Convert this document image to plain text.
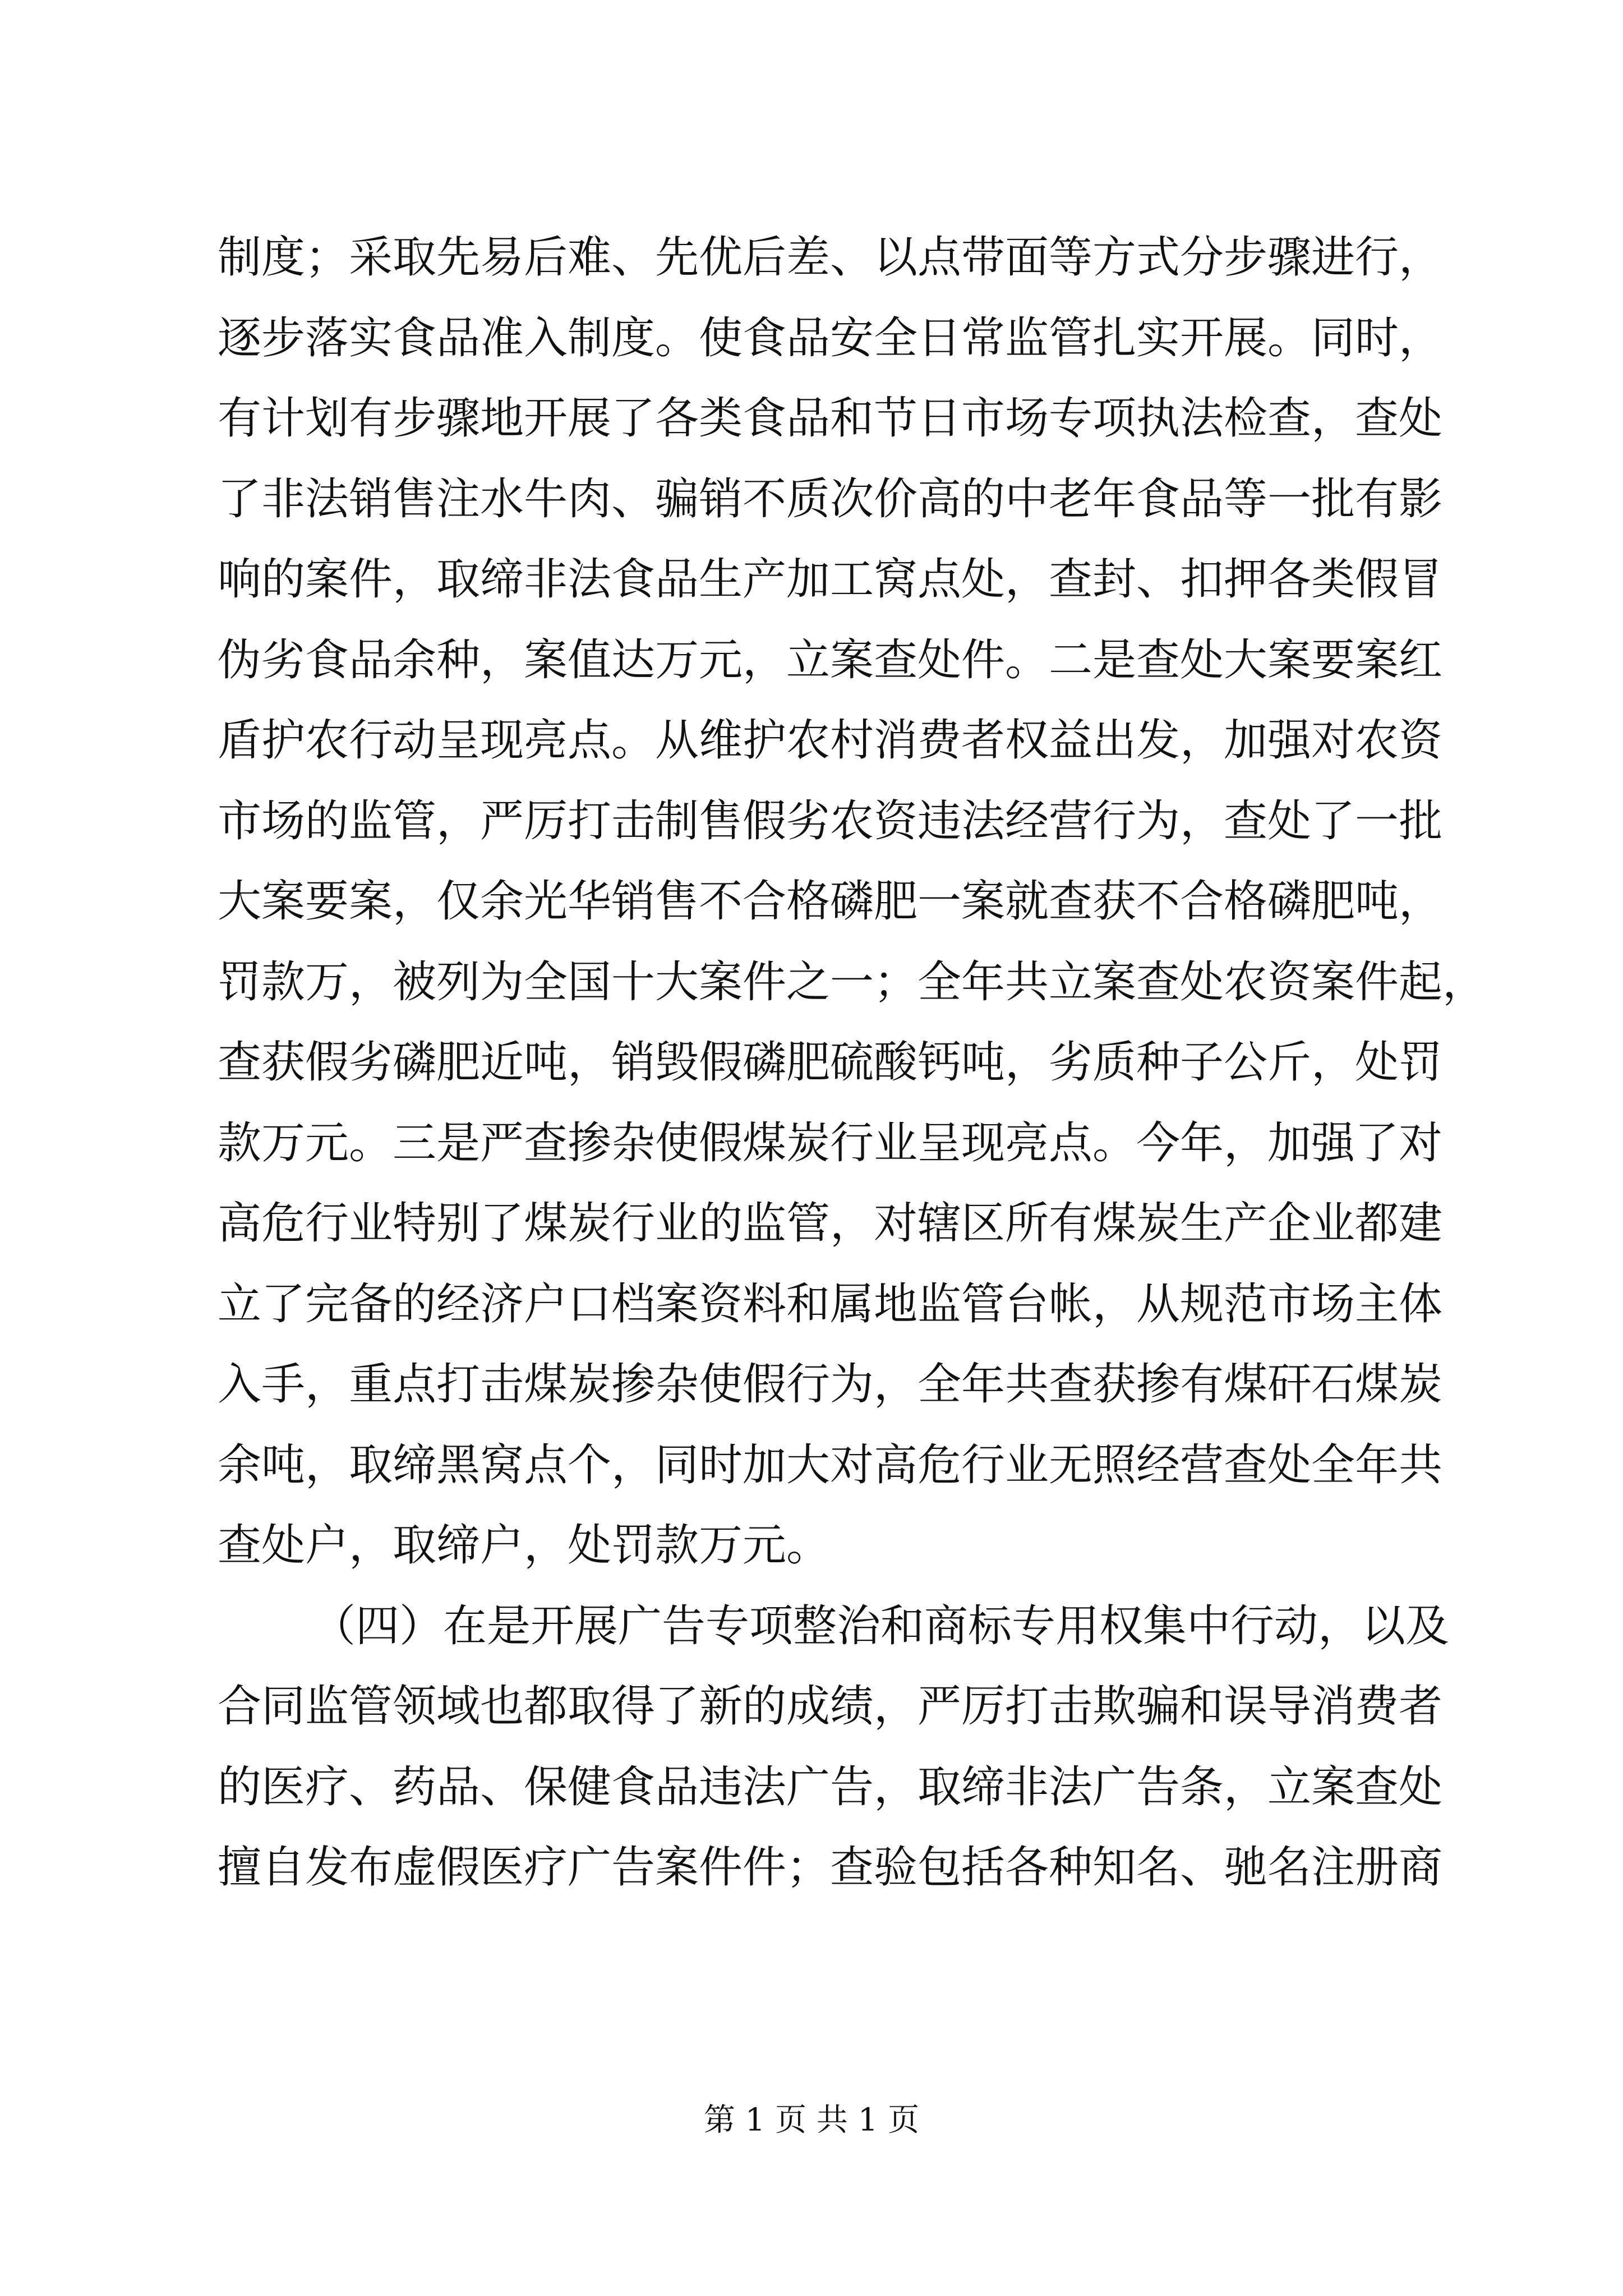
制度；采取先易后难、先优后差、以点带面等方式分步骤进行，
逐步落实食品准入制度。使食品安全日常监管扎实开展。同时，
有计划有步骤地开展了各类食品和节日市场专项执法检查，查处
了非法销售注水牛肉、骗销不质次价高的中老年食品等一批有影
响的案件，取缔非法食品生产加工窝点处，查封、扣押各类假冒
伪劣食品余种，案值达万元，立案查处件。二是查处大案要案红
盾护农行动呈现亮点。从维护农村消费者权益出发，加强对农资
市场的监管，严厉打击制售假劣农资违法经营行为，查处了一批
大案要案，仅余光华销售不合格磷肥一案就查获不合格磷肥吨，
罚款万，被列为全国十大案件之一；全年共立案查处农资案件起，
查获假劣磷肥近吨，销毁假磷肥硫酸钙吨，劣质种子公斤，处罚
款万元。三是严查掺杂使假煤炭行业呈现亮点。今年，加强了对
高危行业特别了煤炭行业的监管，对辖区所有煤炭生产企业都建
立了完备的经济户口档案资料和属地监管台帐，从规范市场主体
入手，重点打击煤炭掺杂使假行为，全年共查获掺有煤矸石煤炭
余吨，取缔黑窝点个，同时加大对高危行业无照经营查处全年共
查处户，取缔户，处罚款万元。
（四）在是开展广告专项整治和商标专用权集中行动，以及
合同监管领域也都取得了新的成绩，严厉打击欺骗和误导消费者
的医疗、药品、保健食品违法广告，取缔非法广告条，立案查处
擅自发布虚假医疗广告案件件；查验包括各种知名、驰名注册商
第 1 页 共 1 页
